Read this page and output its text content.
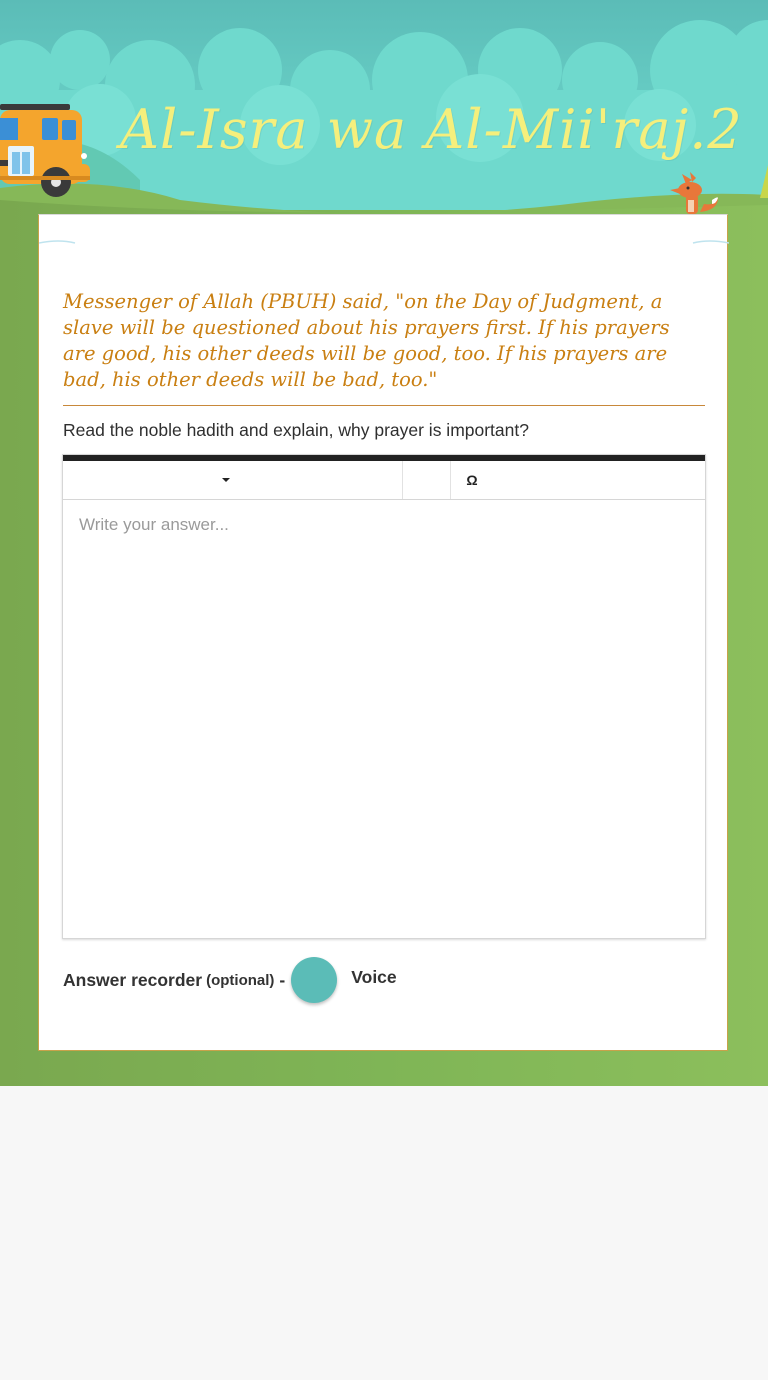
Al-Isra wa Al-Mii'raj.2

Messenger of Allah (PBUH) said, "on the Day of Judgment, a slave will be questioned about his prayers first. If his prayers are good, his other deeds will be good, too. If his prayers are bad, his other deeds will be bad, too."

Read the noble hadith and explain, why prayer is important?

Ω
Write your answer...
Answer recorder (optional) -	Voice
